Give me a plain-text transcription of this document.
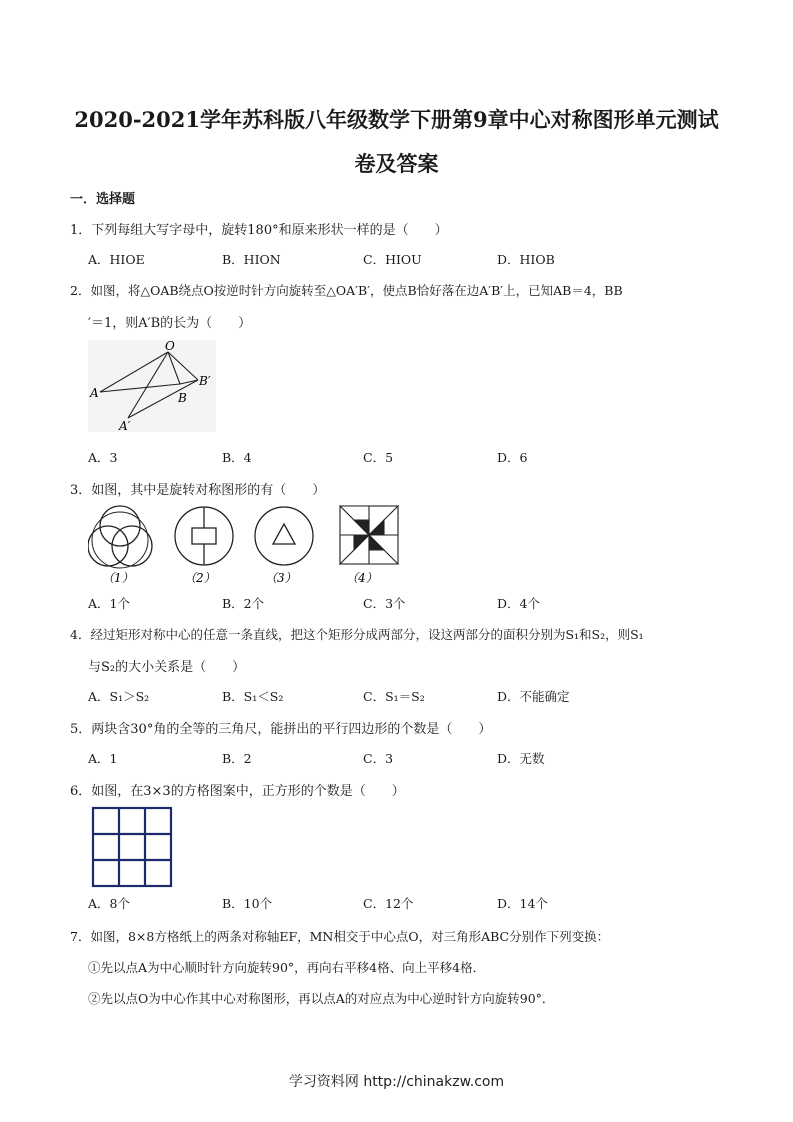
2020-2021学年苏科版八年级数学下册第9章中心对称图形单元测试
卷及答案
一．选择题
1．下列每组大写字母中，旋转180°和原来形状一样的是（　　）
A．HIOE	B．HION	C．HIOU	D．HIOB
2．如图，将△OAB绕点O按逆时针方向旋转至△OA′B′，使点B恰好落在边A′B′上，已知AB＝4，BB
′＝1，则A′B的长为（　　）
O
A	B
B′
A′
A．3	B．4	C．5	D．6
3．如图，其中是旋转对称图形的有（　　）
（1）	（2）	（3）	（4）
A．1个	B．2个	C．3个	D．4个
4．经过矩形对称中心的任意一条直线，把这个矩形分成两部分，设这两部分的面积分别为S₁和S₂，则S₁
与S₂的大小关系是（　　）
A．S₁＞S₂	B．S₁＜S₂	C．S₁＝S₂	D．不能确定
5．两块含30°角的全等的三角尺，能拼出的平行四边形的个数是（　　）
A．1	B．2	C．3	D．无数
6．如图，在3×3的方格图案中，正方形的个数是（　　）
A．8个	B．10个	C．12个	D．14个
7．如图，8×8方格纸上的两条对称轴EF，MN相交于中心点O，对三角形ABC分别作下列变换：
①先以点A为中心顺时针方向旋转90°，再向右平移4格、向上平移4格．
②先以点O为中心作其中心对称图形，再以点A的对应点为中心逆时针方向旋转90°．
学习资料网 http://chinakzw.com
